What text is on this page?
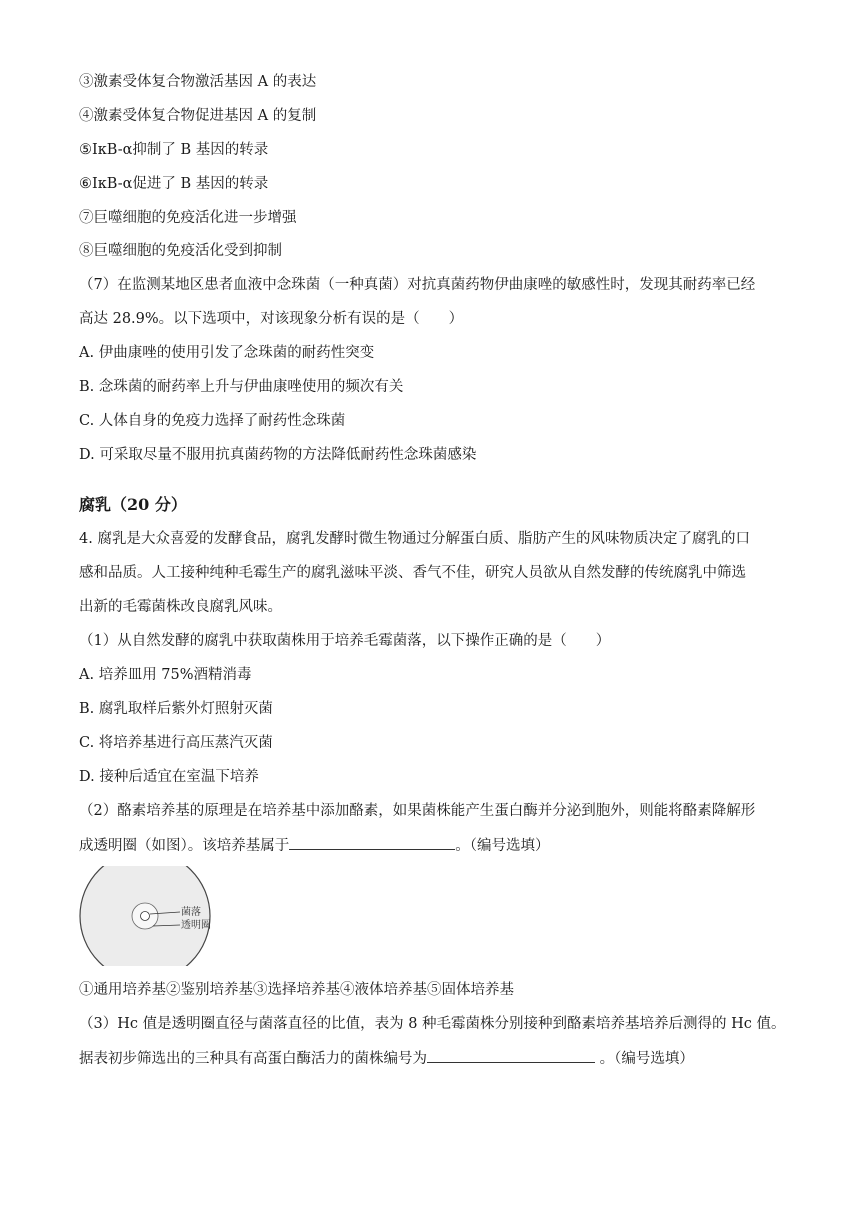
③激素受体复合物激活基因 A 的表达
④激素受体复合物促进基因 A 的复制
⑤IκB-α抑制了 B 基因的转录
⑥IκB-α促进了 B 基因的转录
⑦巨噬细胞的免疫活化进一步增强
⑧巨噬细胞的免疫活化受到抑制
（7）在监测某地区患者血液中念珠菌（一种真菌）对抗真菌药物伊曲康唑的敏感性时，发现其耐药率已经
高达 28.9%。以下选项中，对该现象分析有误的是（　　）
A. 伊曲康唑的使用引发了念珠菌的耐药性突变
B. 念珠菌的耐药率上升与伊曲康唑使用的频次有关
C. 人体自身的免疫力选择了耐药性念珠菌
D. 可采取尽量不服用抗真菌药物的方法降低耐药性念珠菌感染
腐乳（20 分）
4. 腐乳是大众喜爱的发酵食品，腐乳发酵时微生物通过分解蛋白质、脂肪产生的风味物质决定了腐乳的口
感和品质。人工接种纯种毛霉生产的腐乳滋味平淡、香气不佳，研究人员欲从自然发酵的传统腐乳中筛选
出新的毛霉菌株改良腐乳风味。
（1）从自然发酵的腐乳中获取菌株用于培养毛霉菌落，以下操作正确的是（　　）
A. 培养皿用 75%酒精消毒
B. 腐乳取样后紫外灯照射灭菌
C. 将培养基进行高压蒸汽灭菌
D. 接种后适宜在室温下培养
（2）酪素培养基的原理是在培养基中添加酪素，如果菌株能产生蛋白酶并分泌到胞外，则能将酪素降解形
成透明圈（如图）。该培养基属于	。（编号选填）
菌落
透明圈
①通用培养基②鉴别培养基③选择培养基④液体培养基⑤固体培养基
（3）Hc 值是透明圈直径与菌落直径的比值，表为 8 种毛霉菌株分别接种到酪素培养基培养后测得的 Hc 值。
据表初步筛选出的三种具有高蛋白酶活力的菌株编号为	。（编号选填）
